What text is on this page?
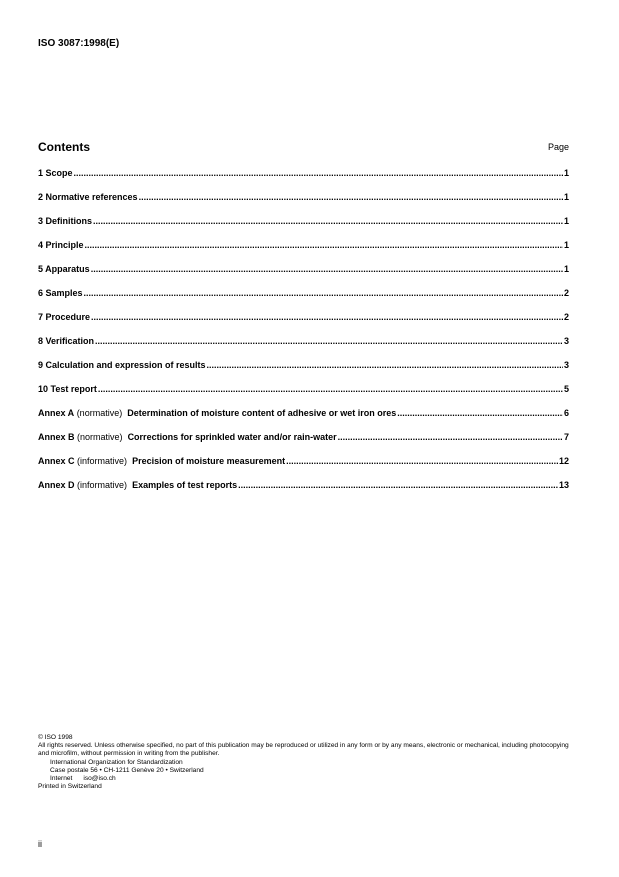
ISO 3087:1998(E)
Contents	Page
1 Scope .....	1
2 Normative references .....	1
3 Definitions .....	1
4 Principle .....	1
5 Apparatus .....	1
6 Samples .....	2
7 Procedure .....	2
8 Verification .....	3
9 Calculation and expression of results .....	3
10 Test report .....	5
Annex A (normative) Determination of moisture content of adhesive or wet iron ores .....	6
Annex B (normative) Corrections for sprinkled water and/or rain-water .....	7
Annex C (informative) Precision of moisture measurement .....	12
Annex D (informative) Examples of test reports .....	13
© ISO 1998
All rights reserved. Unless otherwise specified, no part of this publication may be reproduced or utilized in any form or by any means, electronic or mechanical, including photocopying and microfilm, without permission in writing from the publisher.
International Organization for Standardization
Case postale 56 • CH-1211 Genève 20 • Switzerland
Internet iso@iso.ch
Printed in Switzerland
ii
